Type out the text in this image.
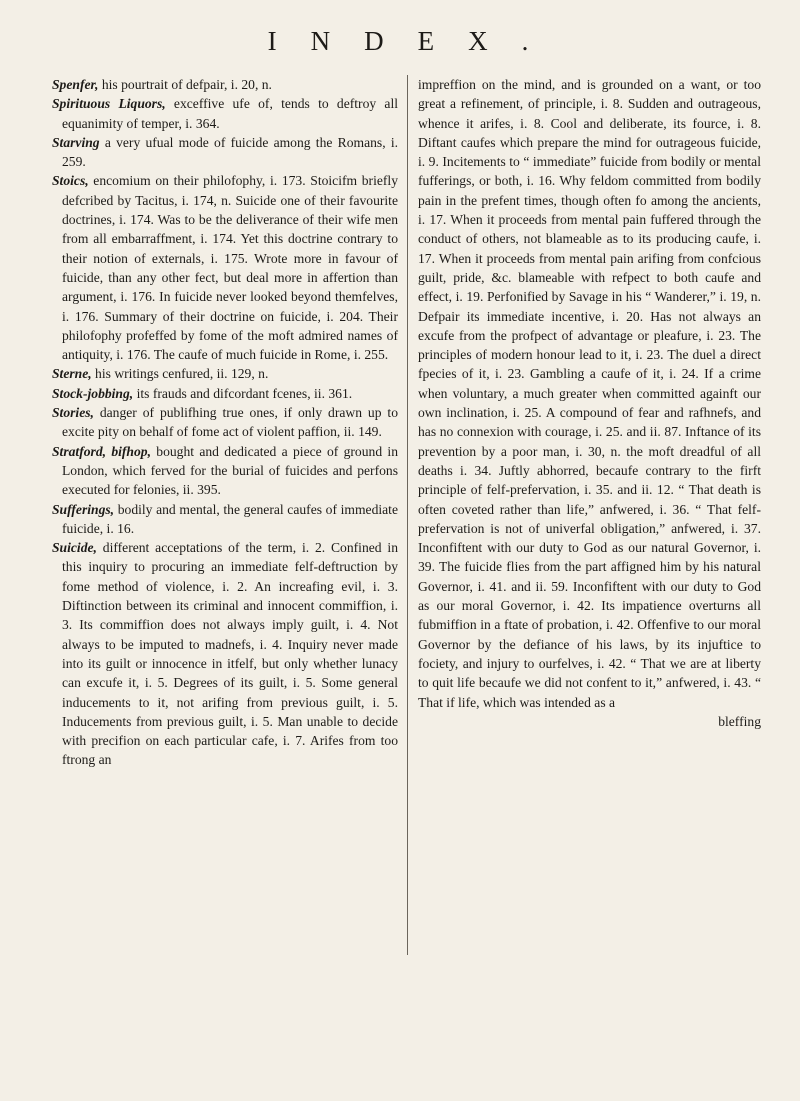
INDEX.

Spenfer, his pourtrait of defpair, i. 20, n.

Spirituous Liquors, exceffive ufe of, tends to deftroy all equanimity of temper, i. 364.

Starving a very ufual mode of fuicide among the Romans, i. 259.

Stoics, encomium on their philofophy, i. 173. Stoicifm briefly defcribed by Tacitus, i. 174, n. Suicide one of their favourite doctrines, i. 174. Was to be the deliverance of their wife men from all embarraffment, i. 174. Yet this doctrine contrary to their notion of externals, i. 175. Wrote more in favour of fuicide, than any other fect, but deal more in affertion than argument, i. 176. In fuicide never looked beyond themfelves, i. 176. Summary of their doctrine on fuicide, i. 204. Their philofophy profeffed by fome of the moft admired names of antiquity, i. 176. The caufe of much fuicide in Rome, i. 255.

Sterne, his writings cenfured, ii. 129, n.

Stock-jobbing, its frauds and difcordant fcenes, ii. 361.

Stories, danger of publifhing true ones, if only drawn up to excite pity on behalf of fome act of violent paffion, ii. 149.

Stratford, bifhop, bought and dedicated a piece of ground in London, which ferved for the burial of fuicides and perfons executed for felonies, ii. 395.

Sufferings, bodily and mental, the general caufes of immediate fuicide, i. 16.

Suicide, different acceptations of the term, i. 2. Confined in this inquiry to procuring an immediate felf-deftruction by fome method of violence, i. 2. An increafing evil, i. 3. Diftinction between its criminal and innocent commiffion, i. 3. Its commiffion does not always imply guilt, i. 4. Not always to be imputed to madnefs, i. 4. Inquiry never made into its guilt or innocence in itfelf, but only whether lunacy can excufe it, i. 5. Degrees of its guilt, i. 5. Some general inducements to it, not arifing from previous guilt, i. 5. Inducements from previous guilt, i. 5. Man unable to decide with precifion on each particular cafe, i. 7. Arifes from too ftrong an

impreffion on the mind, and is grounded on a want, or too great a refinement, of principle, i. 8. Sudden and outrageous, whence it arifes, i. 8. Cool and deliberate, its fource, i. 8. Diftant caufes which prepare the mind for outrageous fuicide, i. 9. Incitements to “ immediate” fuicide from bodily or mental fufferings, or both, i. 16. Why feldom committed from bodily pain in the prefent times, though often fo among the ancients, i. 17. When it proceeds from mental pain fuffered through the conduct of others, not blameable as to its producing caufe, i. 17. When it proceeds from mental pain arifing from confcious guilt, pride, &c. blameable with refpect to both caufe and effect, i. 19. Perfonified by Savage in his “ Wanderer,” i. 19, n. Defpair its immediate incentive, i. 20. Has not always an excufe from the profpect of advantage or pleafure, i. 23. The principles of modern honour lead to it, i. 23. The duel a direct fpecies of it, i. 23. Gambling a caufe of it, i. 24. If a crime when voluntary, a much greater when committed againft our own inclination, i. 25. A compound of fear and rafhnefs, and has no connexion with courage, i. 25. and ii. 87. Inftance of its prevention by a poor man, i. 30, n. the moft dreadful of all deaths i. 34. Juftly abhorred, becaufe contrary to the firft principle of felf-prefervation, i. 35. and ii. 12. “ That death is often coveted rather than life,” anfwered, i. 36. “ That felf-prefervation is not of univerfal obligation,” anfwered, i. 37. Inconfiftent with our duty to God as our natural Governor, i. 39. The fuicide flies from the part affigned him by his natural Governor, i. 41. and ii. 59. Inconfiftent with our duty to God as our moral Governor, i. 42. Its impatience overturns all fubmiffion in a ftate of probation, i. 42. Offenfive to our moral Governor by the defiance of his laws, by its injuftice to fociety, and injury to ourfelves, i. 42. “ That we are at liberty to quit life becaufe we did not confent to it,” anfwered, i. 43. “ That if life, which was intended as a

bleffing
